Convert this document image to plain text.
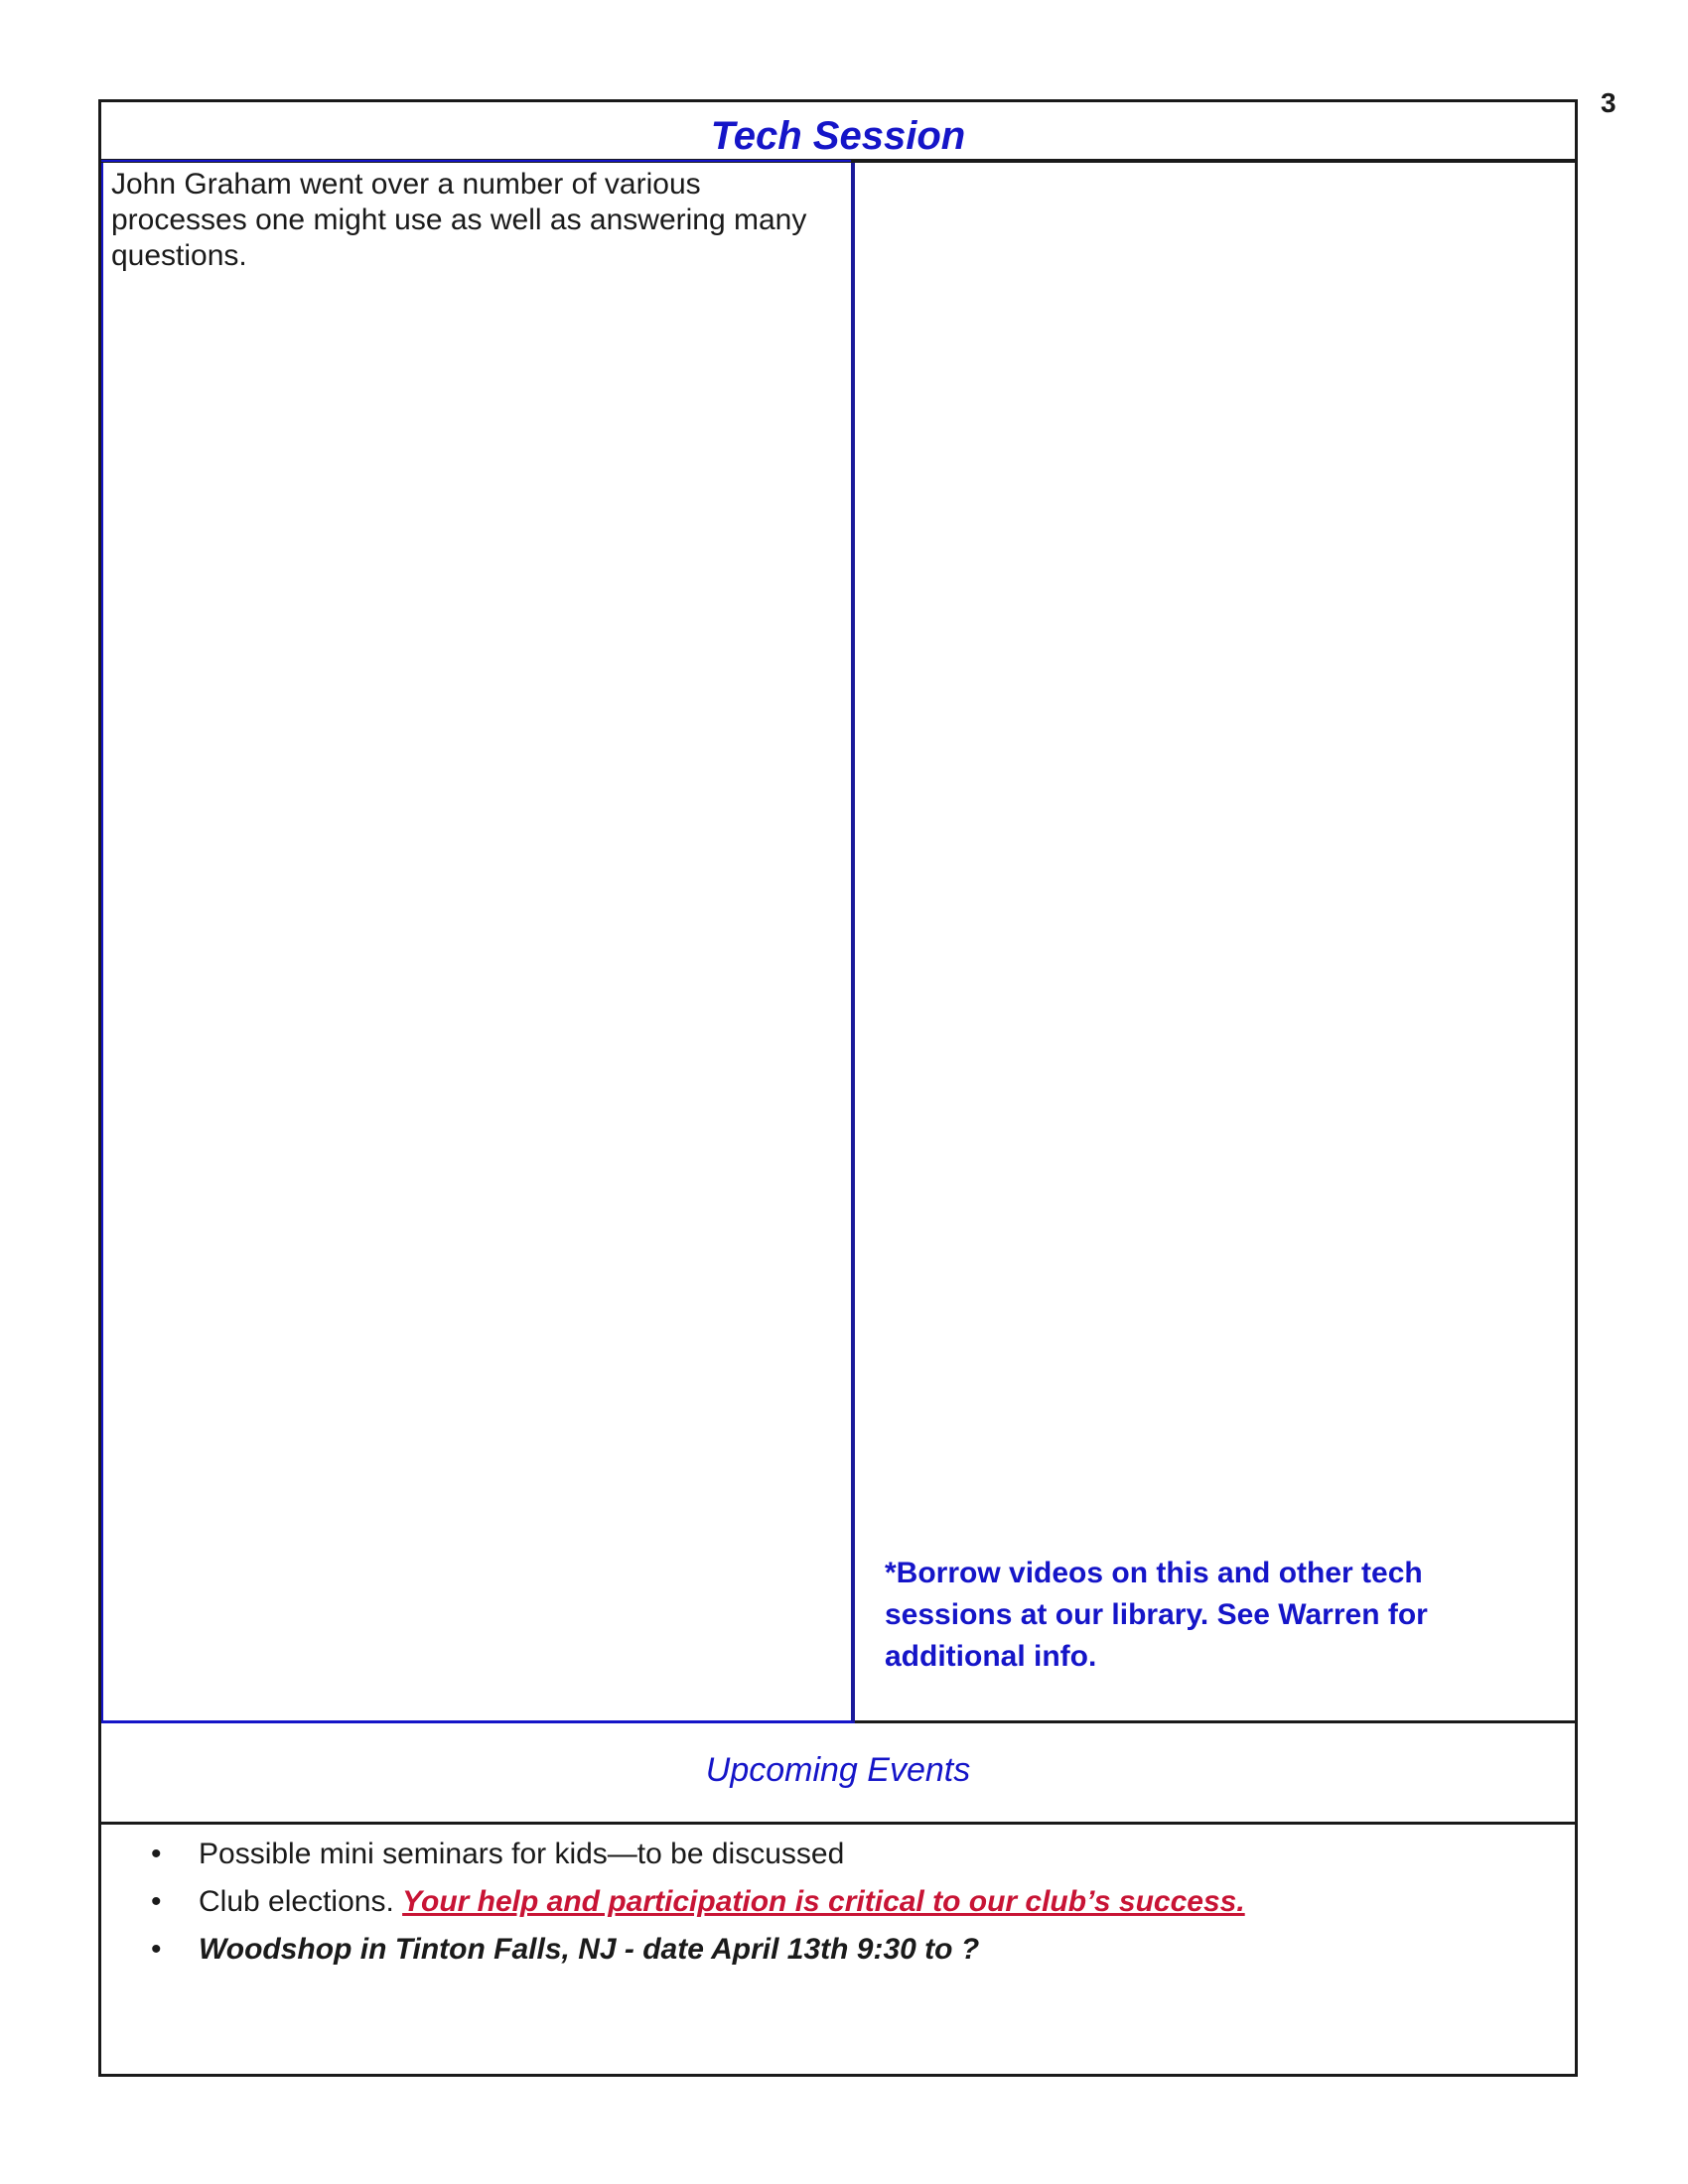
3
Tech Session
John Graham went over a number of various processes one might use as well as answering many questions.
*Borrow videos on this and other tech sessions at our library. See Warren for additional info.
Upcoming Events
• Possible mini seminars for kids—to be discussed
• Club elections. Your help and participation is critical to our club’s success.
• Woodshop in Tinton Falls, NJ - date April 13th 9:30 to ?
